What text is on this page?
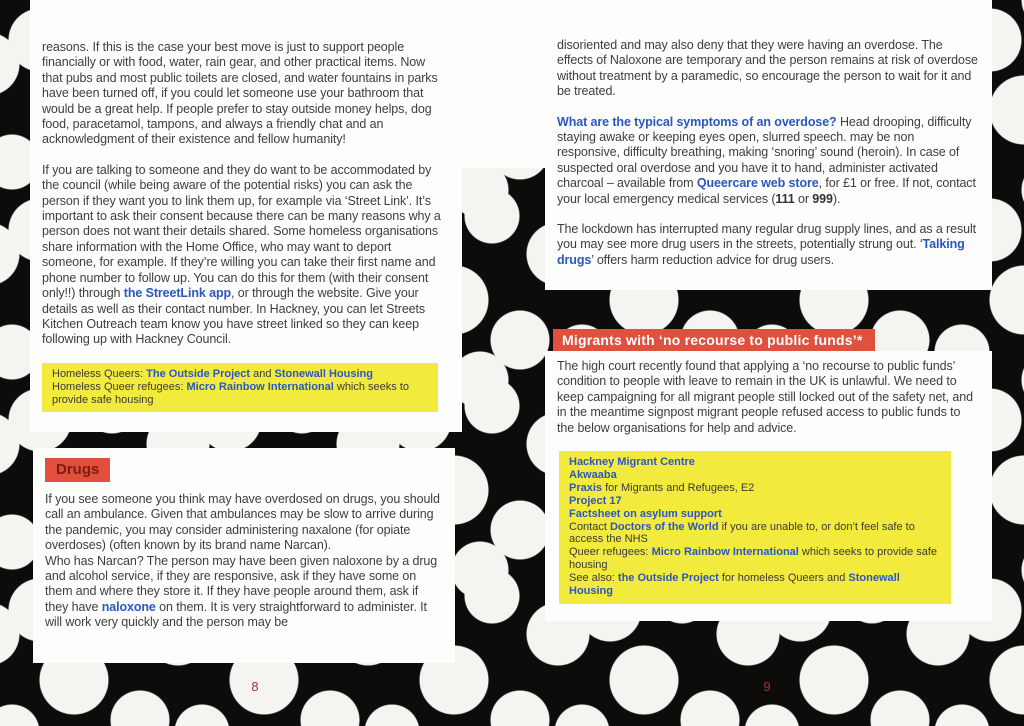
reasons. If this is the case your best move is just to support people financially or with food, water, rain gear, and other practical items. Now that pubs and most public toilets are closed, and water fountains in parks have been turned off, if you could let someone use your bathroom that would be a great help. If people prefer to stay outside money helps, dog food, paracetamol, tampons, and always a friendly chat and an acknowledgment of their existence and fellow humanity!

If you are talking to someone and they do want to be accommodated by the council (while being aware of the potential risks) you can ask the person if they want you to link them up, for example via ‘Street Link’. It’s important to ask their consent because there can be many reasons why a person does not want their details shared. Some homeless organisations share information with the Home Office, who may want to deport someone, for example. If they’re willing you can take their first name and phone number to follow up. You can do this for them (with their consent only!!) through the StreetLink app, or through the website. Give your details as well as their contact number. In Hackney, you can let Streets Kitchen Outreach team know you have street linked so they can keep following up with Hackney Council.

Homeless Queers: The Outside Project and Stonewall Housing

Homeless Queer refugees: Micro Rainbow International which seeks to provide safe housing

Drugs

If you see someone you think may have overdosed on drugs, you should call an ambulance. Given that ambulances may be slow to arrive during the pandemic, you may consider administering naxalone (for opiate overdoses) (often known by its brand name Narcan).

Who has Narcan? The person may have been given naloxone by a drug and alcohol service, if they are responsive, ask if they have some on them and where they store it. If they have people around them, ask if they have naloxone on them. It is very straightforward to administer. It will work very quickly and the person may be

disoriented and may also deny that they were having an overdose. The effects of Naloxone are temporary and the person remains at risk of overdose without treatment by a paramedic, so encourage the person to wait for it and be treated.

What are the typical symptoms of an overdose? Head drooping, difficulty staying awake or keeping eyes open, slurred speech. may be non responsive, difficulty breathing, making ‘snoring’ sound (heroin). In case of suspected oral overdose and you have it to hand, administer activated charcoal – available from Queercare web store, for £1 or free. If not, contact your local emergency medical services (111 or 999).

The lockdown has interrupted many regular drug supply lines, and as a result you may see more drug users in the streets, potentially strung out. ‘Talking drugs’ offers harm reduction advice for drug users.

Migrants with ‘no recourse to public funds’*

The high court recently found that applying a ‘no recourse to public funds’ condition to people with leave to remain in the UK is unlawful. We need to keep campaigning for all migrant people still locked out of the safety net, and in the meantime signpost migrant people refused access to public funds to the below organisations for help and advice.

Hackney Migrant Centre

Akwaaba

Praxis for Migrants and Refugees, E2

Project 17

Factsheet on asylum support

Contact Doctors of the World if you are unable to, or don’t feel safe to access the NHS

Queer refugees: Micro Rainbow International which seeks to provide safe housing

See also: the Outside Project for homeless Queers and Stonewall Housing

8	9
